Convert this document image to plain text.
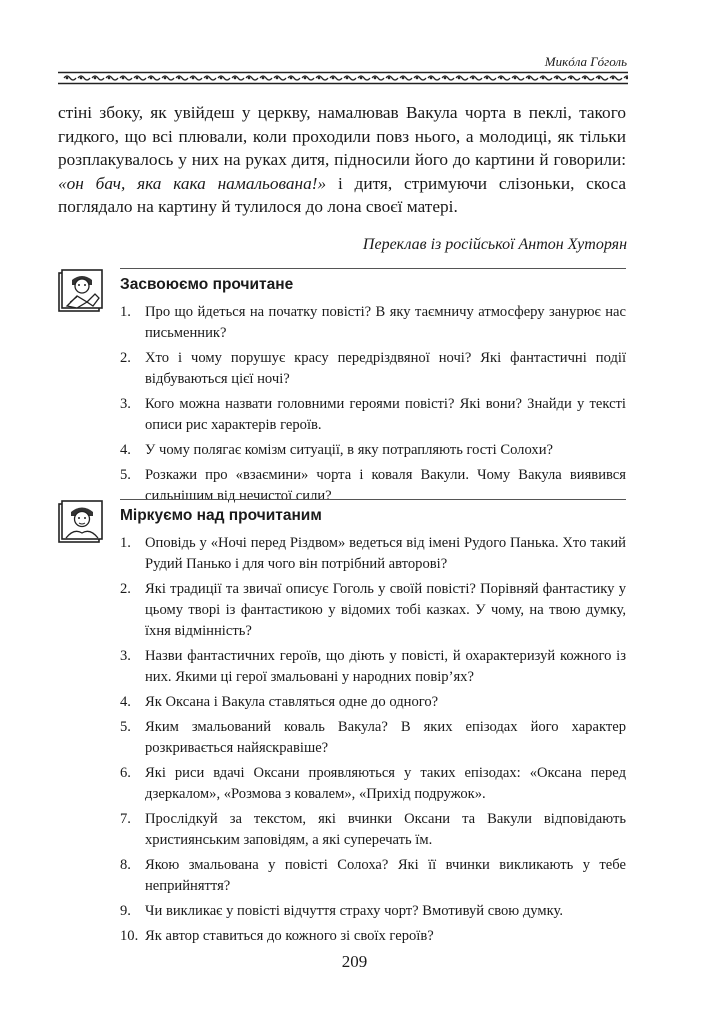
Микóла Гóголь

стіні збоку, як увійдеш у церкву, намалював Вакула чорта в пеклі, такого гидкого, що всі плювали, коли проходили повз нього, а молодиці, як тільки розплакувалось у них на руках дитя, підносили його до картини й говорили: «он бач, яка кака намальована!» і дитя, стримуючи слізоньки, скоса поглядало на картину й тулилося до лона своєї матері.

Переклав із російської Антон Хуторян
Засвоюємо прочитане
1. Про що йдеться на початку повісті? В яку таємничу атмосферу занурює нас письменник?
2. Хто і чому порушує красу передріздвяної ночі? Які фантастичні події відбуваються цієї ночі?
3. Кого можна назвати головними героями повісті? Які вони? Знайди у тексті описи рис характерів героїв.
4. У чому полягає комізм ситуації, в яку потрапляють гості Солохи?
5. Розкажи про «взаємини» чорта і коваля Вакули. Чому Вакула виявився сильнішим від нечистої сили?
Міркуємо над прочитаним
1. Оповідь у «Ночі перед Різдвом» ведеться від імені Рудого Панька. Хто такий Рудий Панько і для чого він потрібний авторові?
2. Які традиції та звичаї описує Гоголь у своїй повісті? Порівняй фантастику у цьому творі із фантастикою у відомих тобі казках. У чому, на твою думку, їхня відмінність?
3. Назви фантастичних героїв, що діють у повісті, й охарактеризуй кожного із них. Якими ці герої змальовані у народних повір’ях?
4. Як Оксана і Вакула ставляться одне до одного?
5. Яким змальований коваль Вакула? В яких епізодах його характер розкривається найяскравіше?
6. Які риси вдачі Оксани проявляються у таких епізодах: «Оксана перед дзеркалом», «Розмова з ковалем», «Прихід подружок».
7. Прослідкуй за текстом, які вчинки Оксани та Вакули відповідають християнським заповідям, а які суперечать їм.
8. Якою змальована у повісті Солоха? Які її вчинки викликають у тебе неприйняття?
9. Чи викликає у повісті відчуття страху чорт? Вмотивуй свою думку.
10. Як автор ставиться до кожного зі своїх героїв?
209
